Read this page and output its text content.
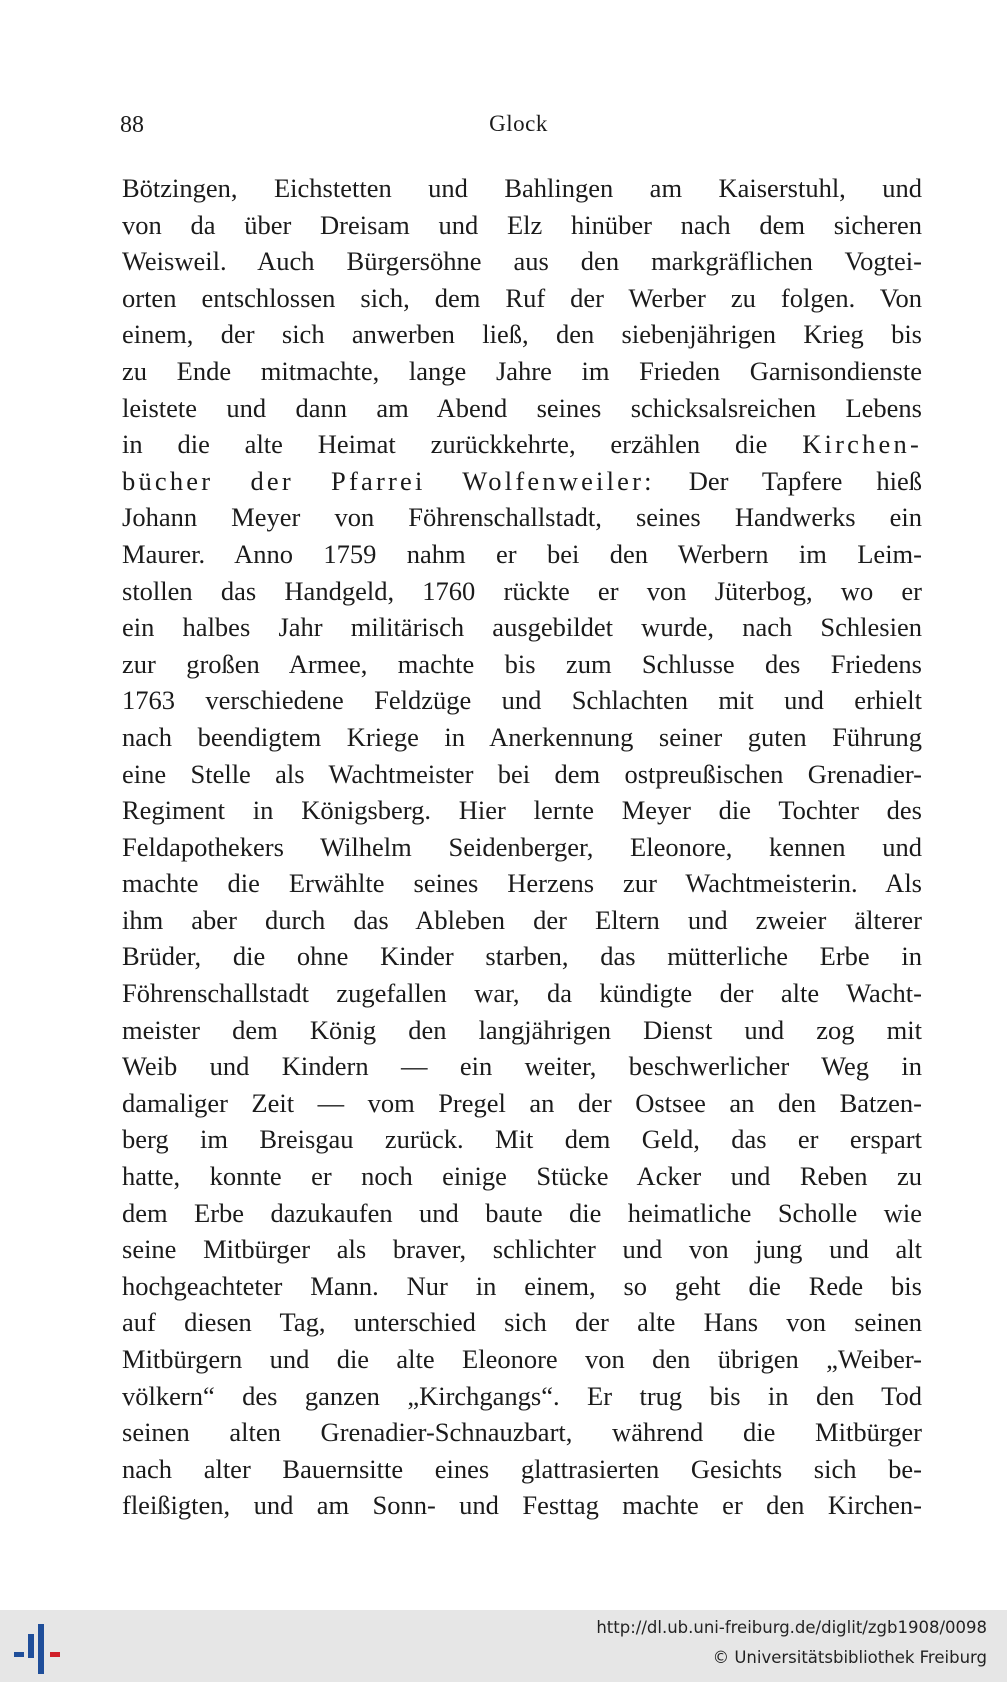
88	Glock
Bötzingen, Eichstetten und Bahlingen am Kaiserstuhl, und
von da über Dreisam und Elz hinüber nach dem sicheren
Weisweil. Auch Bürgersöhne aus den markgräflichen Vogtei-
orten entschlossen sich, dem Ruf der Werber zu folgen. Von
einem, der sich anwerben ließ, den siebenjährigen Krieg bis
zu Ende mitmachte, lange Jahre im Frieden Garnisondienste
leistete und dann am Abend seines schicksalsreichen Lebens
in die alte Heimat zurückkehrte, erzählen die Kirchen-
bücher der Pfarrei Wolfenweiler: Der Tapfere hieß
Johann Meyer von Föhrenschallstadt, seines Handwerks ein
Maurer. Anno 1759 nahm er bei den Werbern im Leim-
stollen das Handgeld, 1760 rückte er von Jüterbog, wo er
ein halbes Jahr militärisch ausgebildet wurde, nach Schlesien
zur großen Armee, machte bis zum Schlusse des Friedens
1763 verschiedene Feldzüge und Schlachten mit und erhielt
nach beendigtem Kriege in Anerkennung seiner guten Führung
eine Stelle als Wachtmeister bei dem ostpreußischen Grenadier-
Regiment in Königsberg. Hier lernte Meyer die Tochter des
Feldapothekers Wilhelm Seidenberger, Eleonore, kennen und
machte die Erwählte seines Herzens zur Wachtmeisterin. Als
ihm aber durch das Ableben der Eltern und zweier älterer
Brüder, die ohne Kinder starben, das mütterliche Erbe in
Föhrenschallstadt zugefallen war, da kündigte der alte Wacht-
meister dem König den langjährigen Dienst und zog mit
Weib und Kindern — ein weiter, beschwerlicher Weg in
damaliger Zeit — vom Pregel an der Ostsee an den Batzen-
berg im Breisgau zurück. Mit dem Geld, das er erspart
hatte, konnte er noch einige Stücke Acker und Reben zu
dem Erbe dazukaufen und baute die heimatliche Scholle wie
seine Mitbürger als braver, schlichter und von jung und alt
hochgeachteter Mann. Nur in einem, so geht die Rede bis
auf diesen Tag, unterschied sich der alte Hans von seinen
Mitbürgern und die alte Eleonore von den übrigen „Weiber-
völkern“ des ganzen „Kirchgangs“. Er trug bis in den Tod
seinen alten Grenadier-Schnauzbart, während die Mitbürger
nach alter Bauernsitte eines glattrasierten Gesichts sich be-
fleißigten, und am Sonn- und Festtag machte er den Kirchen-
http://dl.ub.uni-freiburg.de/diglit/zgb1908/0098
© Universitätsbibliothek Freiburg
